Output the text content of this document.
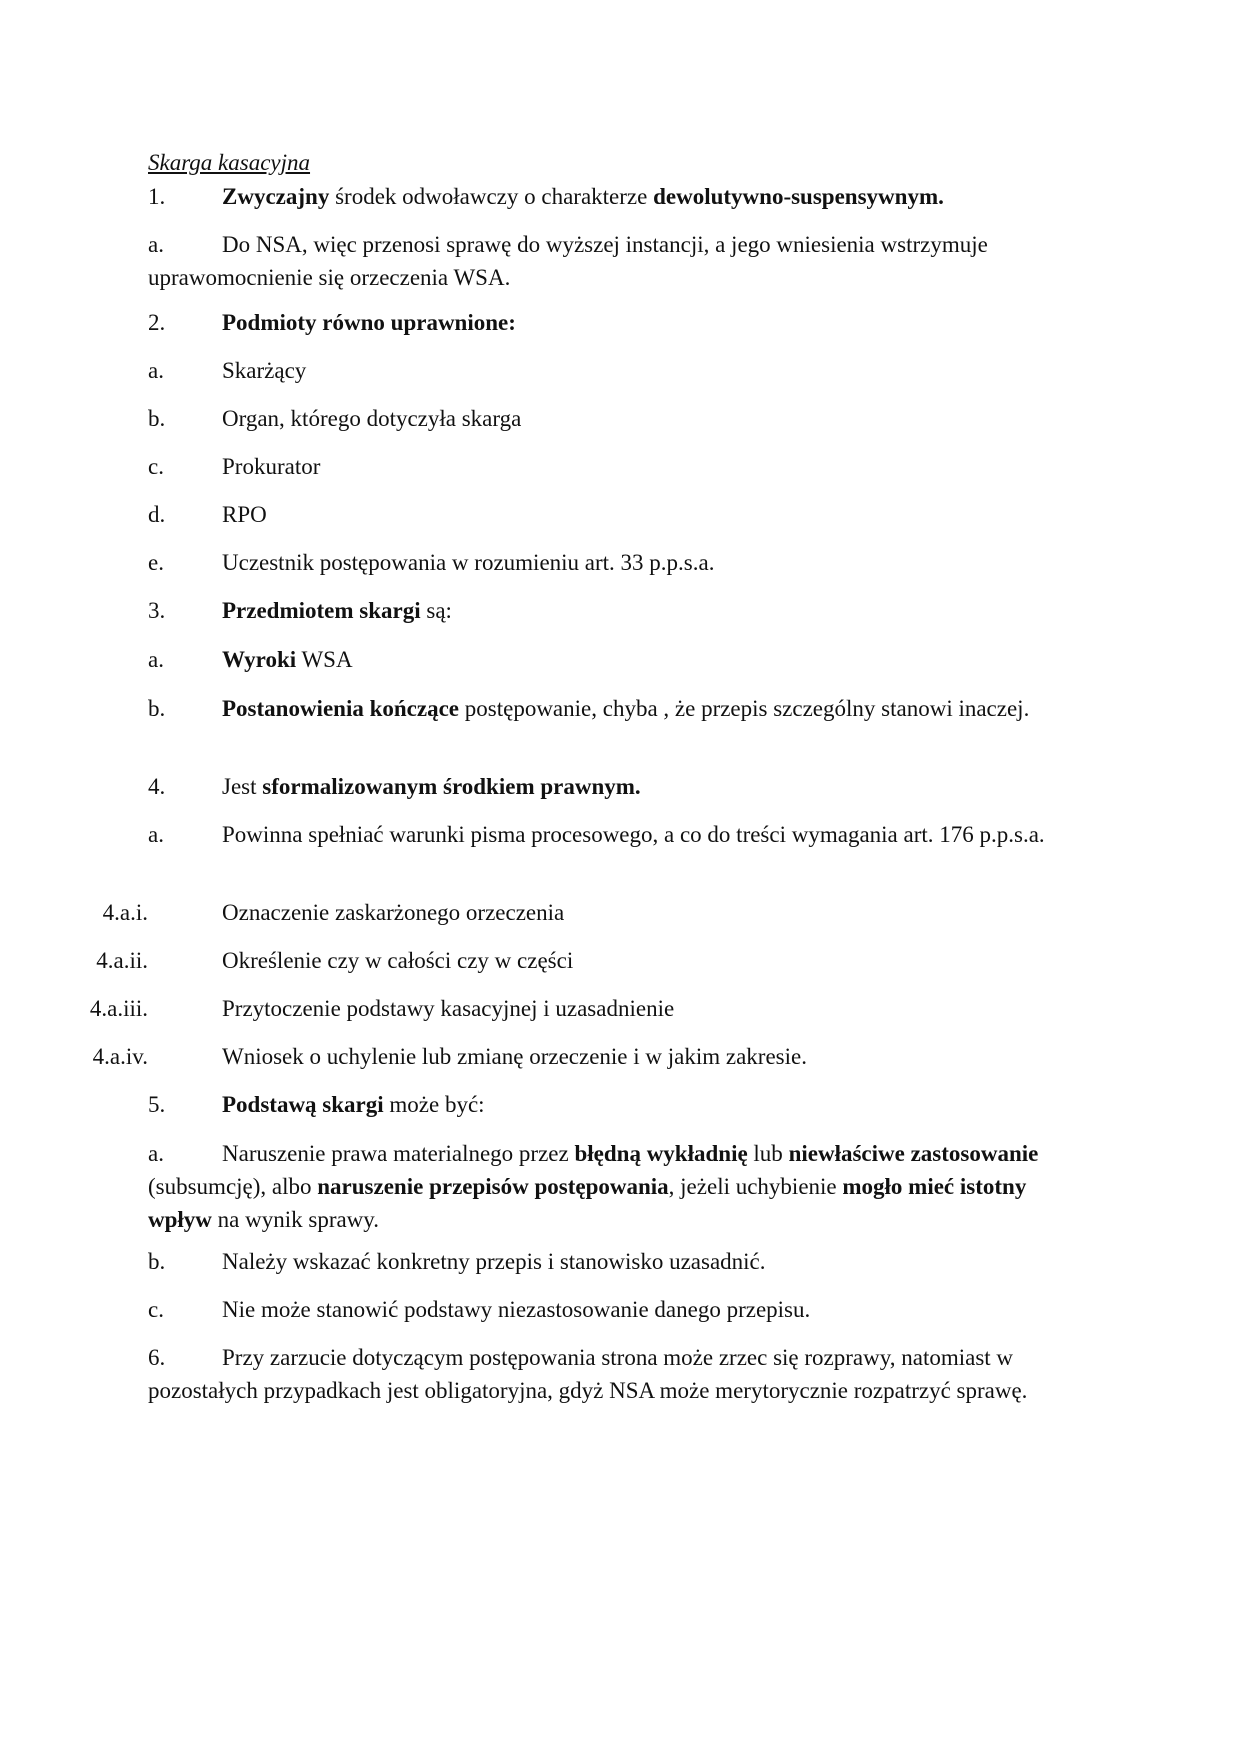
Skarga kasacyjna
1. Zwyczajny środek odwoławczy o charakterze dewolutywno-suspensywnym.
a.	Do NSA, więc przenosi sprawę do wyższej instancji, a jego wniesienia wstrzymuje uprawomocnienie się orzeczenia WSA.
2. Podmioty równo uprawnione:
a.	Skarżący
b. Organ, którego dotyczyła skarga
c.	Prokurator
d. RPO
e.	Uczestnik postępowania w rozumieniu art. 33 p.p.s.a.
3. Przedmiotem skargi są:
a.	Wyroki WSA
b. Postanowienia kończące postępowanie, chyba , że przepis szczególny stanowi inaczej.
4. Jest sformalizowanym środkiem prawnym.
a.	Powinna spełniać warunki pisma procesowego, a co do treści wymagania art. 176 p.p.s.a.
4.a.i.	Oznaczenie zaskarżonego orzeczenia
4.a.ii.	Określenie czy w całości czy w części
4.a.iii.	Przytoczenie podstawy kasacyjnej i uzasadnienie
4.a.iv.	Wniosek o uchylenie lub zmianę orzeczenie i w jakim zakresie.
5. Podstawą skargi może być:
a.	Naruszenie prawa materialnego przez błędną wykładnię lub niewłaściwe zastosowanie (subsumcję), albo naruszenie przepisów postępowania, jeżeli uchybienie mogło mieć istotny wpływ na wynik sprawy.
b. Należy wskazać konkretny przepis i stanowisko uzasadnić.
c.	Nie może stanowić podstawy niezastosowanie danego przepisu.
6. Przy zarzucie dotyczącym postępowania strona może zrzec się rozprawy, natomiast w pozostałych przypadkach jest obligatoryjna, gdyż NSA może merytorycznie rozpatrzyć sprawę.
